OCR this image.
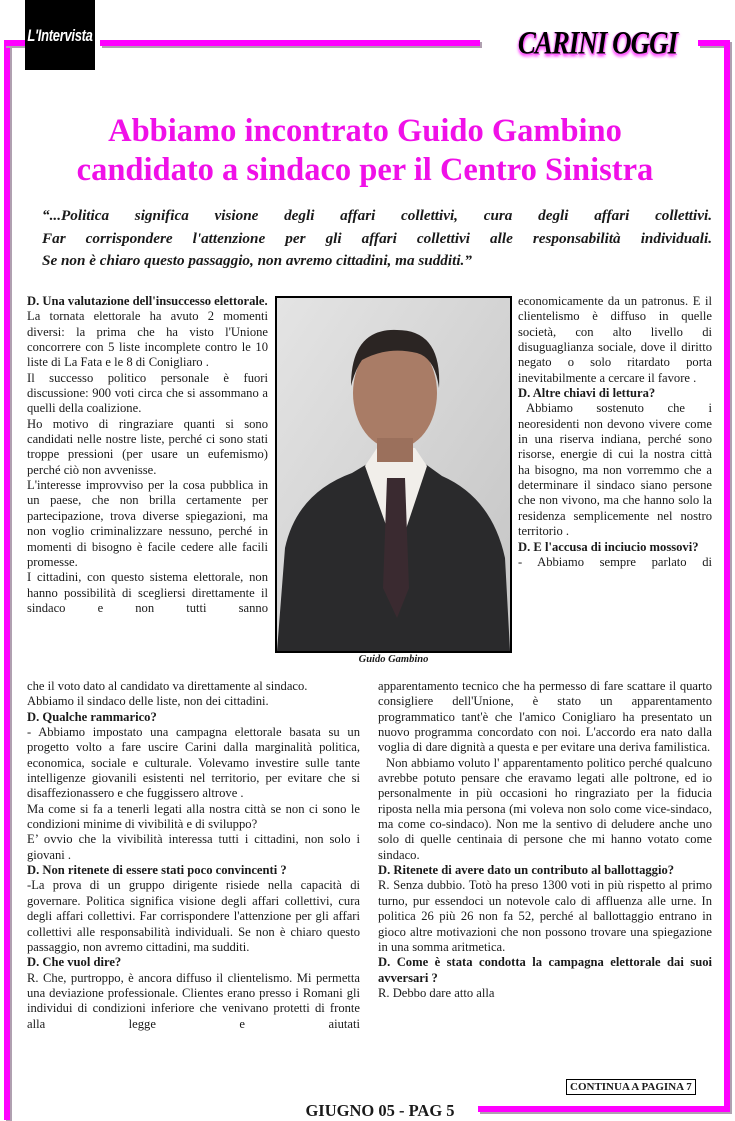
L'Intervista	CARINI OGGI
Abbiamo incontrato Guido Gambino
candidato a sindaco per il Centro Sinistra
“...Politica significa visione degli affari collettivi, cura degli affari collettivi.
Far corrispondere l'attenzione per gli affari collettivi alle responsabilità individuali.
Se non è chiaro questo passaggio, non avremo cittadini, ma sudditi.”

D. Una valutazione dell'insuccesso elettorale.

La tornata elettorale ha avuto 2 momenti diversi: la prima che ha visto l'Unione concorrere con 5 liste incomplete contro le 10 liste di La Fata e le 8 di Conigliaro .

Il successo politico personale è fuori discussione: 900 voti circa che si assommano a quelli della coalizione.

Ho motivo di ringraziare quanti si sono candidati nelle nostre liste, perché ci sono stati troppe pressioni (per usare un eufemismo) perché ciò non avvenisse.

L'interesse improvviso per la cosa pubblica in un paese, che non brilla certamente per partecipazione, trova diverse spiegazioni, ma non voglio criminalizzare nessuno, perché in momenti di bisogno è facile cedere alle facili promesse.

I cittadini, con questo sistema elettorale, non hanno possibilità di scegliersi direttamente il sindaco e non tutti sanno

economicamente da un patronus. E il clientelismo è diffuso in quelle società, con alto livello di disuguaglianza sociale, dove il diritto negato o solo ritardato porta inevitabilmente a cercare il favore .

D. Altre chiavi di lettura?

Abbiamo sostenuto che i neoresidenti non devono vivere come in una riserva indiana, perché sono risorse, energie di cui la nostra città ha bisogno, ma non vorremmo che a determinare il sindaco siano persone che non vivono, ma che hanno solo la residenza semplicemente nel nostro territorio .

D. E l'accusa di inciucio mossovi?

- Abbiamo sempre parlato di

che il voto dato al candidato va direttamente al sindaco.

Abbiamo il sindaco delle liste, non dei cittadini.

D. Qualche rammarico?

- Abbiamo impostato una campagna elettorale basata su un progetto volto a fare uscire Carini dalla marginalità politica, economica, sociale e culturale. Volevamo investire sulle tante intelligenze giovanili esistenti nel territorio, per evitare che si disaffezionassero e che fuggissero altrove .

Ma come si fa a tenerli legati alla nostra città se non ci sono le condizioni minime di vivibilità e di sviluppo?

E’ ovvio che la vivibilità interessa tutti i cittadini, non solo i giovani .

D. Non ritenete di essere stati poco convincenti ?

-La prova di un gruppo dirigente risiede nella capacità di governare. Politica significa visione degli affari collettivi, cura degli affari collettivi. Far corrispondere l'attenzione per gli affari collettivi alle responsabilità individuali. Se non è chiaro questo passaggio, non avremo cittadini, ma sudditi.

D. Che vuol dire?

R. Che, purtroppo, è ancora diffuso il clientelismo. Mi permetta una deviazione professionale. Clientes erano presso i Romani gli individui di condizioni inferiore che venivano protetti di fronte alla legge e aiutati

apparentamento tecnico che ha permesso di fare scattare il quarto consigliere dell'Unione, è stato un apparentamento programmatico tant'è che l'amico Conigliaro ha presentato un nuovo programma concordato con noi. L'accordo era nato dalla voglia di dare dignità a questa e per evitare una deriva familistica.

Non abbiamo voluto l' apparentamento politico perché qualcuno avrebbe potuto pensare che eravamo legati alle poltrone, ed io personalmente in più occasioni ho ringraziato per la fiducia riposta nella mia persona (mi voleva non solo come vice-sindaco, ma come co-sindaco). Non me la sentivo di deludere anche uno solo di quelle centinaia di persone che mi hanno votato come sindaco.

D. Ritenete di avere dato un contributo al ballottaggio?

R. Senza dubbio. Totò ha preso 1300 voti in più rispetto al primo turno, pur essendoci un notevole calo di affluenza alle urne. In politica 26 più 26 non fa 52, perché al ballottaggio entrano in gioco altre motivazioni che non possono trovare una spiegazione in una somma aritmetica.

D. Come è stata condotta la campagna elettorale dai suoi avversari ?

R. Debbo dare atto alla

Guido Gambino
CONTINUA A PAGINA 7
GIUGNO 05 - PAG 5
